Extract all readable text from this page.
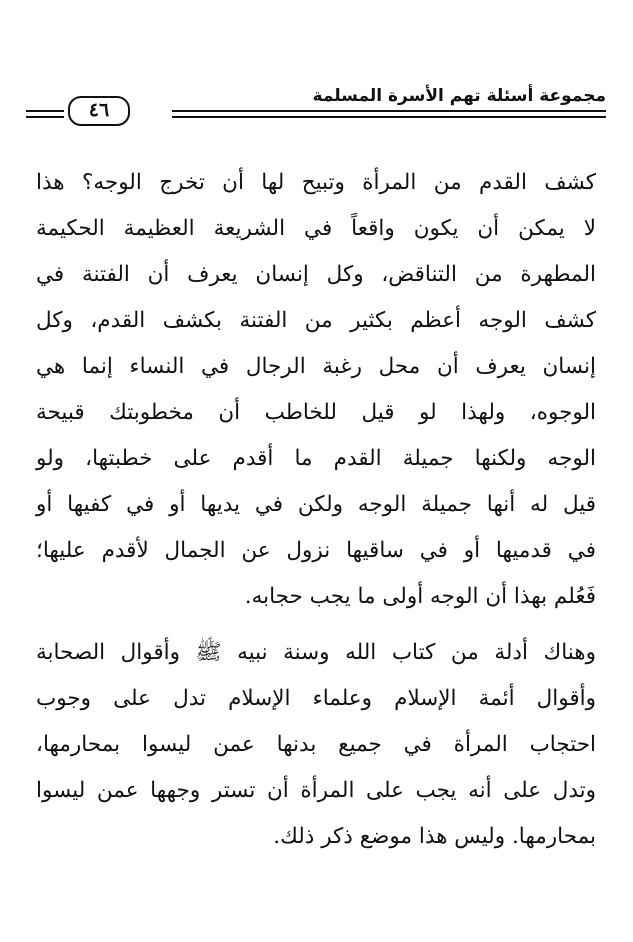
مجموعة أسئلة تهم الأسرة المسلمة
٤٦
كشف القدم من المرأة وتبيح لها أن تخرج الوجه؟ هذا
لا يمكن أن يكون واقعاً في الشريعة العظيمة الحكيمة
المطهرة من التناقض، وكل إنسان يعرف أن الفتنة في
كشف الوجه أعظم بكثير من الفتنة بكشف القدم، وكل
إنسان يعرف أن محل رغبة الرجال في النساء إنما هي
الوجوه، ولهذا لو قيل للخاطب أن مخطوبتك قبيحة
الوجه ولكنها جميلة القدم ما أقدم على خطبتها، ولو
قيل له أنها جميلة الوجه ولكن في يديها أو في كفيها أو
في قدميها أو في ساقيها نزول عن الجمال لأقدم عليها؛
فَعُلم بهذا أن الوجه أولى ما يجب حجابه.
وهناك أدلة من كتاب الله وسنة نبيه ﷺ وأقوال الصحابة
وأقوال أئمة الإسلام وعلماء الإسلام تدل على وجوب
احتجاب المرأة في جميع بدنها عمن ليسوا بمحارمها،
وتدل على أنه يجب على المرأة أن تستر وجهها عمن ليسوا
بمحارمها. وليس هذا موضع ذكر ذلك.
